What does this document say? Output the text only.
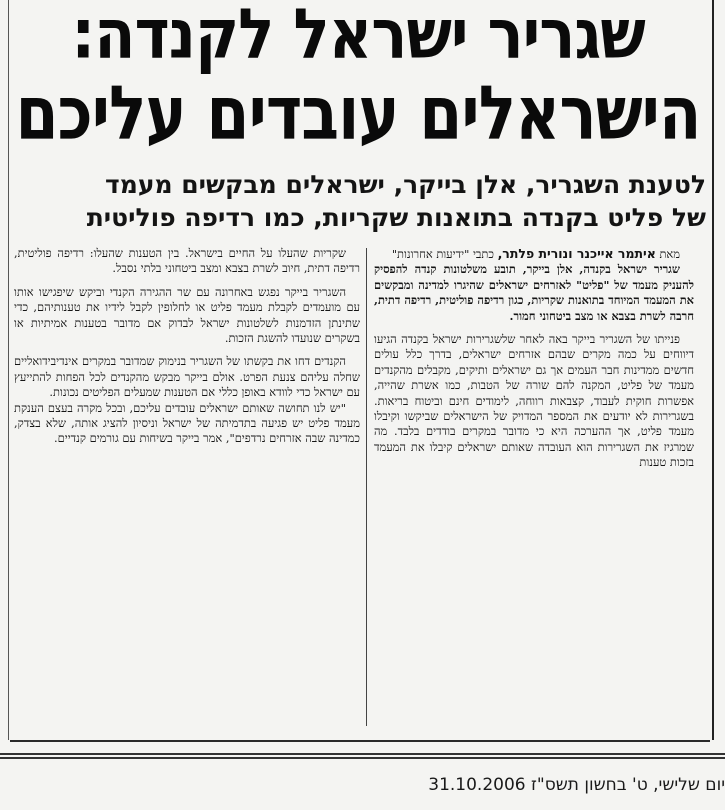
שגריר ישראל לקנדה:
הישראלים עובדים עליכם
לטענת השגריר, אלן בייקר, ישראלים מבקשים מעמד
של פליט בקנדה בתואנות שקריות, כמו רדיפה פוליטית

מאת איתמר אייכנר ונורית פלתר, כתבי "ידיעות אחרונות"

שגריר ישראל בקנדה, אלן בייקר, תובע משלטונות קנדה להפסיק להעניק מעמד של "פליט" לאזרחים ישראלים שהיגרו למדינה ומבקשים את המעמד המיוחד בתואנות שקריות, כגון רדיפה פוליטית, רדיפה דתית, חרבה לשרת בצבא או מצב ביטחוני חמור.

פנייתו של השגריר בייקר באה לאחר שלשגרירות ישראל בקנדה הגיעו דיווחים על כמה מקרים שבהם אזרחים ישראלים, בדרך כלל עולים חדשים ממדינות חבר העמים אך גם ישראלים ותיקים, מקבלים מהקנדים מעמד של פליט, המקנה להם שורה של הטבות, כמו אשרת שהייה, אפשרות חוקית לעבוד, קצבאות רווחה, לימודים חינם וביטוח בריאות. בשגרירות לא יודעים את המספר המדויק של הישראלים שביקשו וקיבלו מעמד פליט, אך ההערכה היא כי מדובר במקרים בודדים בלבד. מה שמרגיז את השגרירות הוא העובדה שאותם ישראלים קיבלו את המעמד בזכות טענות

שקריות שהעלו על החיים בישראל. בין הטענות שהעלו: רדיפה פוליטית, רדיפה דתית, חיוב לשרת בצבא ומצב ביטחוני בלתי נסבל.

השגריר בייקר נפגש באחרונה עם שר ההגירה הקנדי וביקש שיפגישו אותו עם מועמדים לקבלת מעמד פליט או לחלופין לקבל לידיו את טענותיהם, כדי שתינתן הזדמנות לשלטונות ישראל לבדוק אם מדובר בטענות אמיתיות או בשקרים שנועדו להשגת הזכות.

הקנדים דחו את בקשתו של השגריר בנימוק שמדובר במקרים אינדיבידואליים שחלה עליהם צנעת הפרט. אולם בייקר מבקש מהקנדים לכל הפחות להתייעץ עם ישראל כדי לוודא באופן כללי אם הטענות שמעלים הפליטים נכונות.

"יש לנו תחושה שאותם ישראלים עובדים עליכם, ובכל מקרה בעצם הענקת מעמד פליט יש פגיעה בתדמיתה של ישראל וניסיון להציג אותה, שלא בצדק, כמדינה שבה אזרחים נרדפים", אמר בייקר בשיחות עם גורמים קנדיים.

31.10.2006 יום שלישי, ט' בחשון תשס"ז
